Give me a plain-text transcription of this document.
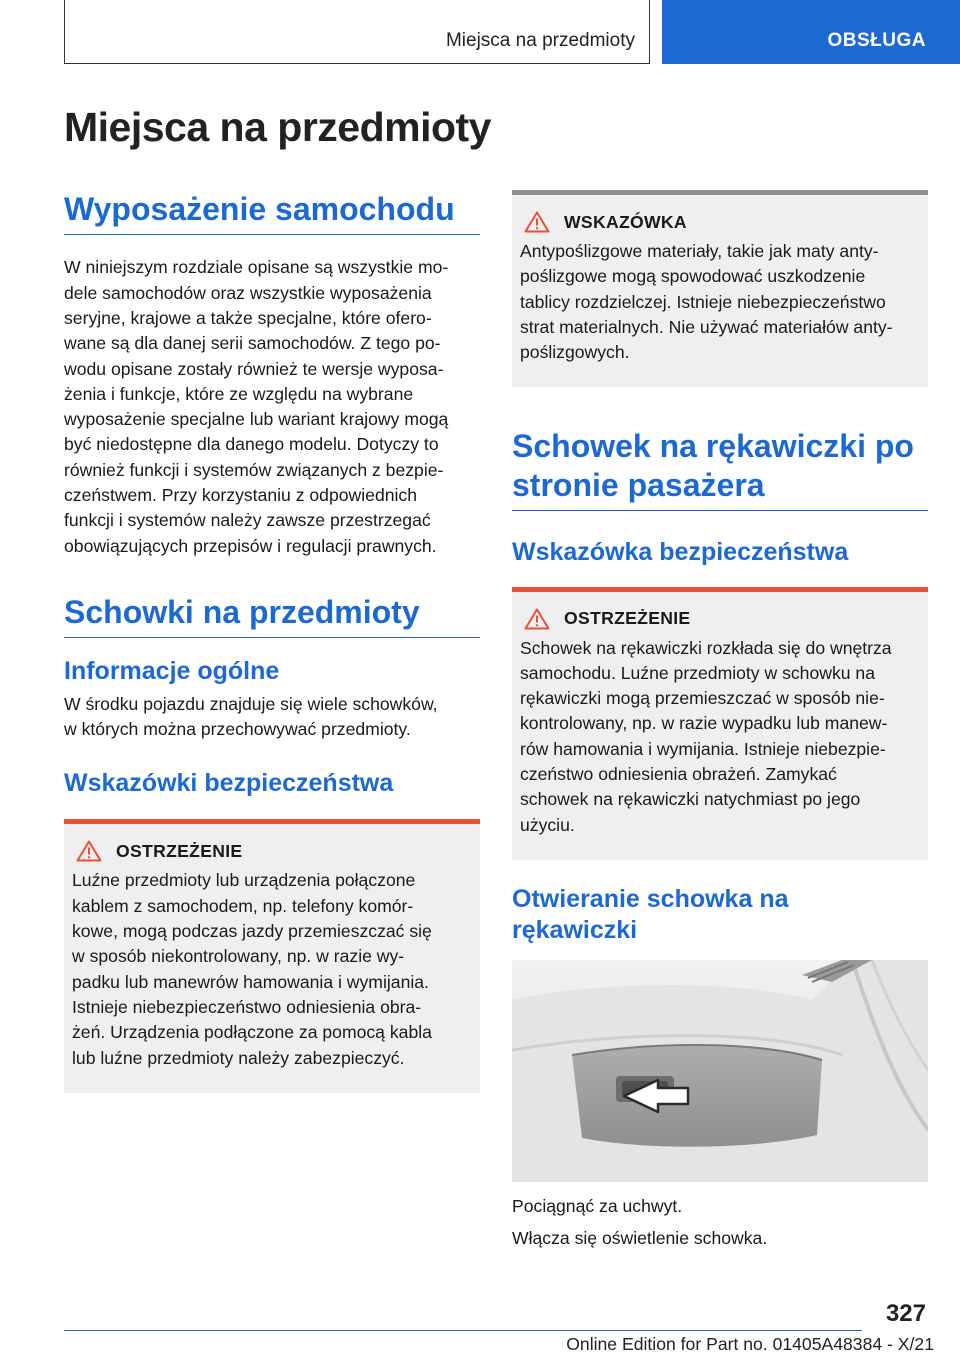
Miejsca na przedmioty	OBSŁUGA
Miejsca na przedmioty
Wyposażenie samochodu
W niniejszym rozdziale opisane są wszystkie mo-
dele samochodów oraz wszystkie wyposażenia
seryjne, krajowe a także specjalne, które ofero-
wane są dla danej serii samochodów. Z tego po-
wodu opisane zostały również te wersje wyposa-
żenia i funkcje, które ze względu na wybrane
wyposażenie specjalne lub wariant krajowy mogą
być niedostępne dla danego modelu. Dotyczy to
również funkcji i systemów związanych z bezpie-
czeństwem. Przy korzystaniu z odpowiednich
funkcji i systemów należy zawsze przestrzegać
obowiązujących przepisów i regulacji prawnych.
Schowki na przedmioty
Informacje ogólne
W środku pojazdu znajduje się wiele schowków,
w których można przechowywać przedmioty.
Wskazówki bezpieczeństwa
OSTRZEŻENIE
Luźne przedmioty lub urządzenia połączone
kablem z samochodem, np. telefony komór-
kowe, mogą podczas jazdy przemieszczać się
w sposób niekontrolowany, np. w razie wy-
padku lub manewrów hamowania i wymijania.
Istnieje niebezpieczeństwo odniesienia obra-
żeń. Urządzenia podłączone za pomocą kabla
lub luźne przedmioty należy zabezpieczyć.
WSKAZÓWKA
Antypoślizgowe materiały, takie jak maty anty-
poślizgowe mogą spowodować uszkodzenie
tablicy rozdzielczej. Istnieje niebezpieczeństwo
strat materialnych. Nie używać materiałów anty-
poślizgowych.
Schowek na rękawiczki po
stronie pasażera
Wskazówka bezpieczeństwa
OSTRZEŻENIE
Schowek na rękawiczki rozkłada się do wnętrza
samochodu. Luźne przedmioty w schowku na
rękawiczki mogą przemieszczać w sposób nie-
kontrolowany, np. w razie wypadku lub manew-
rów hamowania i wymijania. Istnieje niebezpie-
czeństwo odniesienia obrażeń. Zamykać
schowek na rękawiczki natychmiast po jego
użyciu.
Otwieranie schowka na
rękawiczki
Pociągnąć za uchwyt.
Włącza się oświetlenie schowka.
327
Online Edition for Part no. 01405A48384 - X/21
